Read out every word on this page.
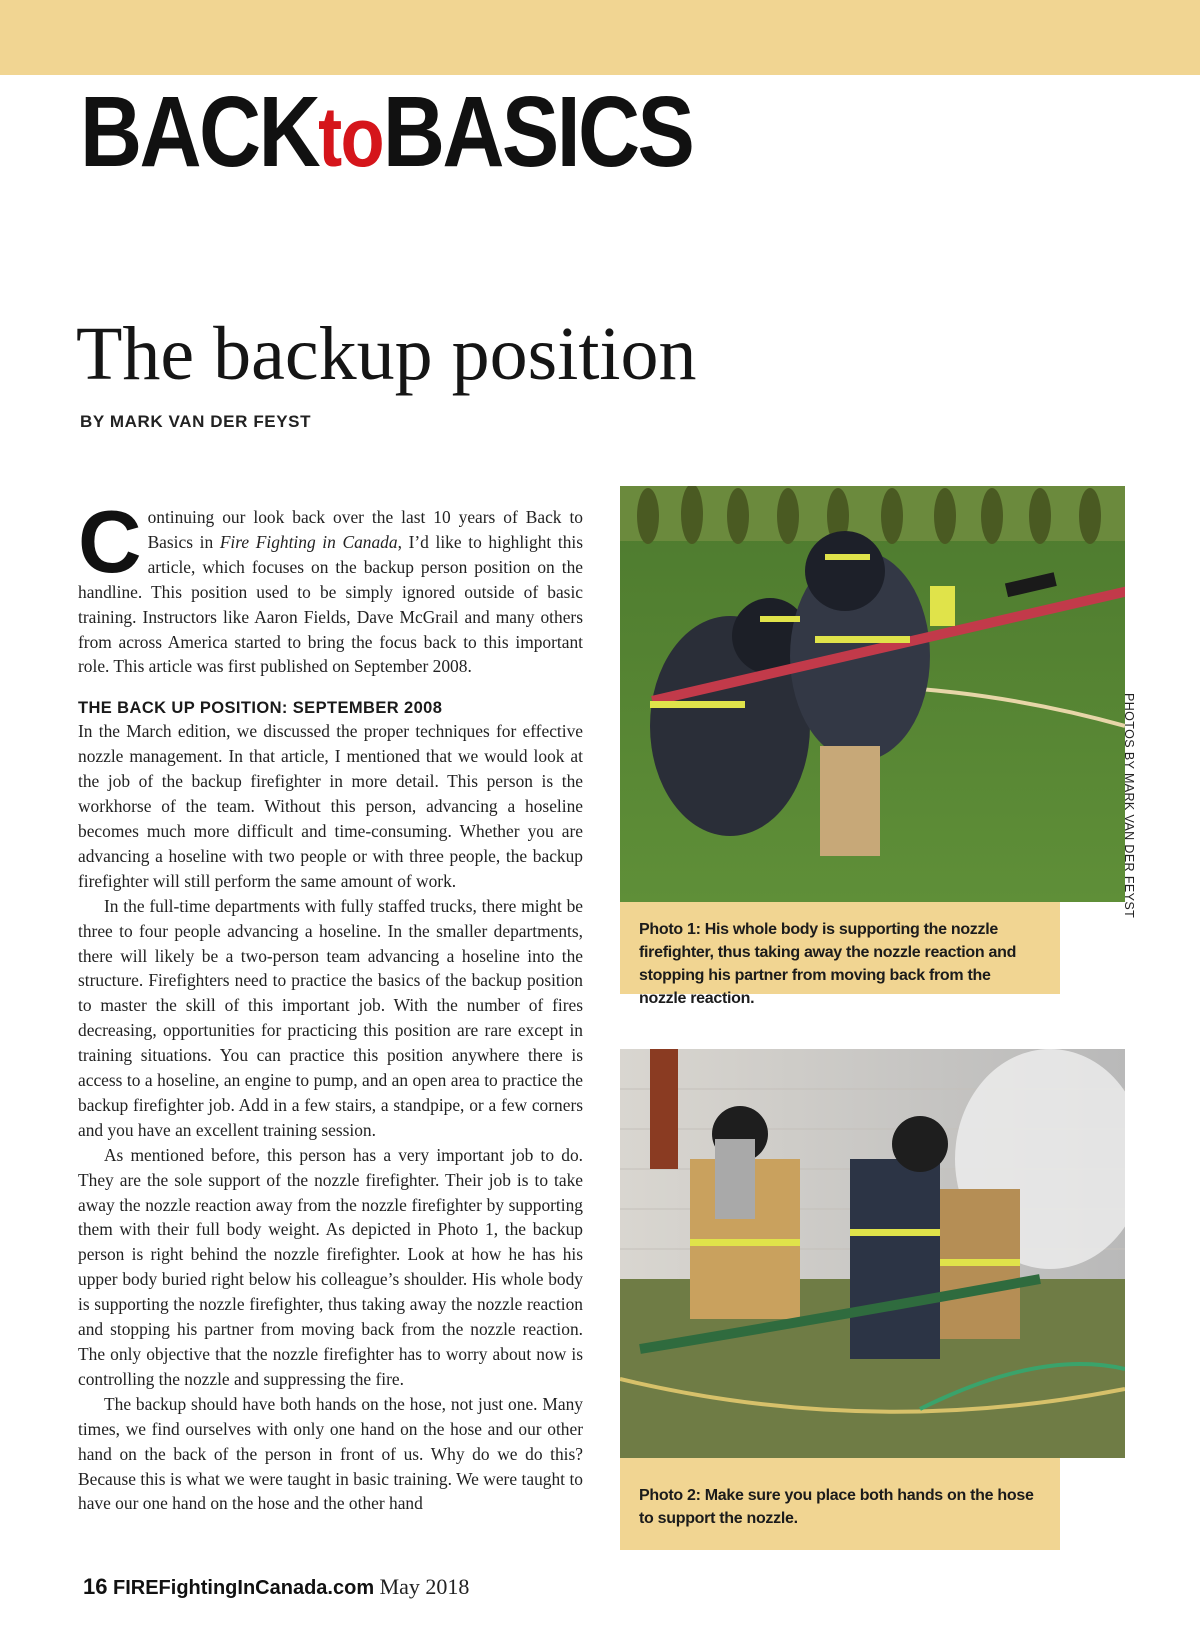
BACKtoBASICS
The backup position
BY MARK VAN DER FEYST

Continuing our look back over the last 10 years of Back to Basics in Fire Fighting in Canada, I’d like to highlight this article, which focuses on the backup person position on the handline. This position used to be simply ignored outside of basic training. Instructors like Aaron Fields, Dave McGrail and many others from across America started to bring the focus back to this important role. This article was first published on September 2008.

THE BACK UP POSITION: SEPTEMBER 2008

In the March edition, we discussed the proper techniques for effective nozzle management. In that article, I mentioned that we would look at the job of the backup firefighter in more detail. This person is the workhorse of the team. Without this person, advancing a hoseline becomes much more difficult and time-consuming. Whether you are advancing a hoseline with two people or with three people, the backup firefighter will still perform the same amount of work.

In the full-time departments with fully staffed trucks, there might be three to four people advancing a hoseline. In the smaller departments, there will likely be a two-person team advancing a hoseline into the structure. Firefighters need to practice the basics of the backup position to master the skill of this important job. With the number of fires decreasing, opportunities for practicing this position are rare except in training situations. You can practice this position anywhere there is access to a hoseline, an engine to pump, and an open area to practice the backup firefighter job. Add in a few stairs, a standpipe, or a few corners and you have an excellent training session.

As mentioned before, this person has a very important job to do. They are the sole support of the nozzle firefighter. Their job is to take away the nozzle reaction away from the nozzle firefighter by supporting them with their full body weight. As depicted in Photo 1, the backup person is right behind the nozzle firefighter. Look at how he has his upper body buried right below his colleague’s shoulder. His whole body is supporting the nozzle firefighter, thus taking away the nozzle reaction and stopping his partner from moving back from the nozzle reaction. The only objective that the nozzle firefighter has to worry about now is controlling the nozzle and suppressing the fire.

The backup should have both hands on the hose, not just one. Many times, we find ourselves with only one hand on the hose and our other hand on the back of the person in front of us. Why do we do this? Because this is what we were taught in basic training. We were taught to have our one hand on the hose and the other hand

Photo 1: His whole body is supporting the nozzle firefighter, thus taking away the nozzle reaction and stopping his partner from moving back from the nozzle reaction.
Photo 2: Make sure you place both hands on the hose to support the nozzle.
PHOTOS BY MARK VAN DER FEYST
16 FIREFightingInCanada.com May 2018
